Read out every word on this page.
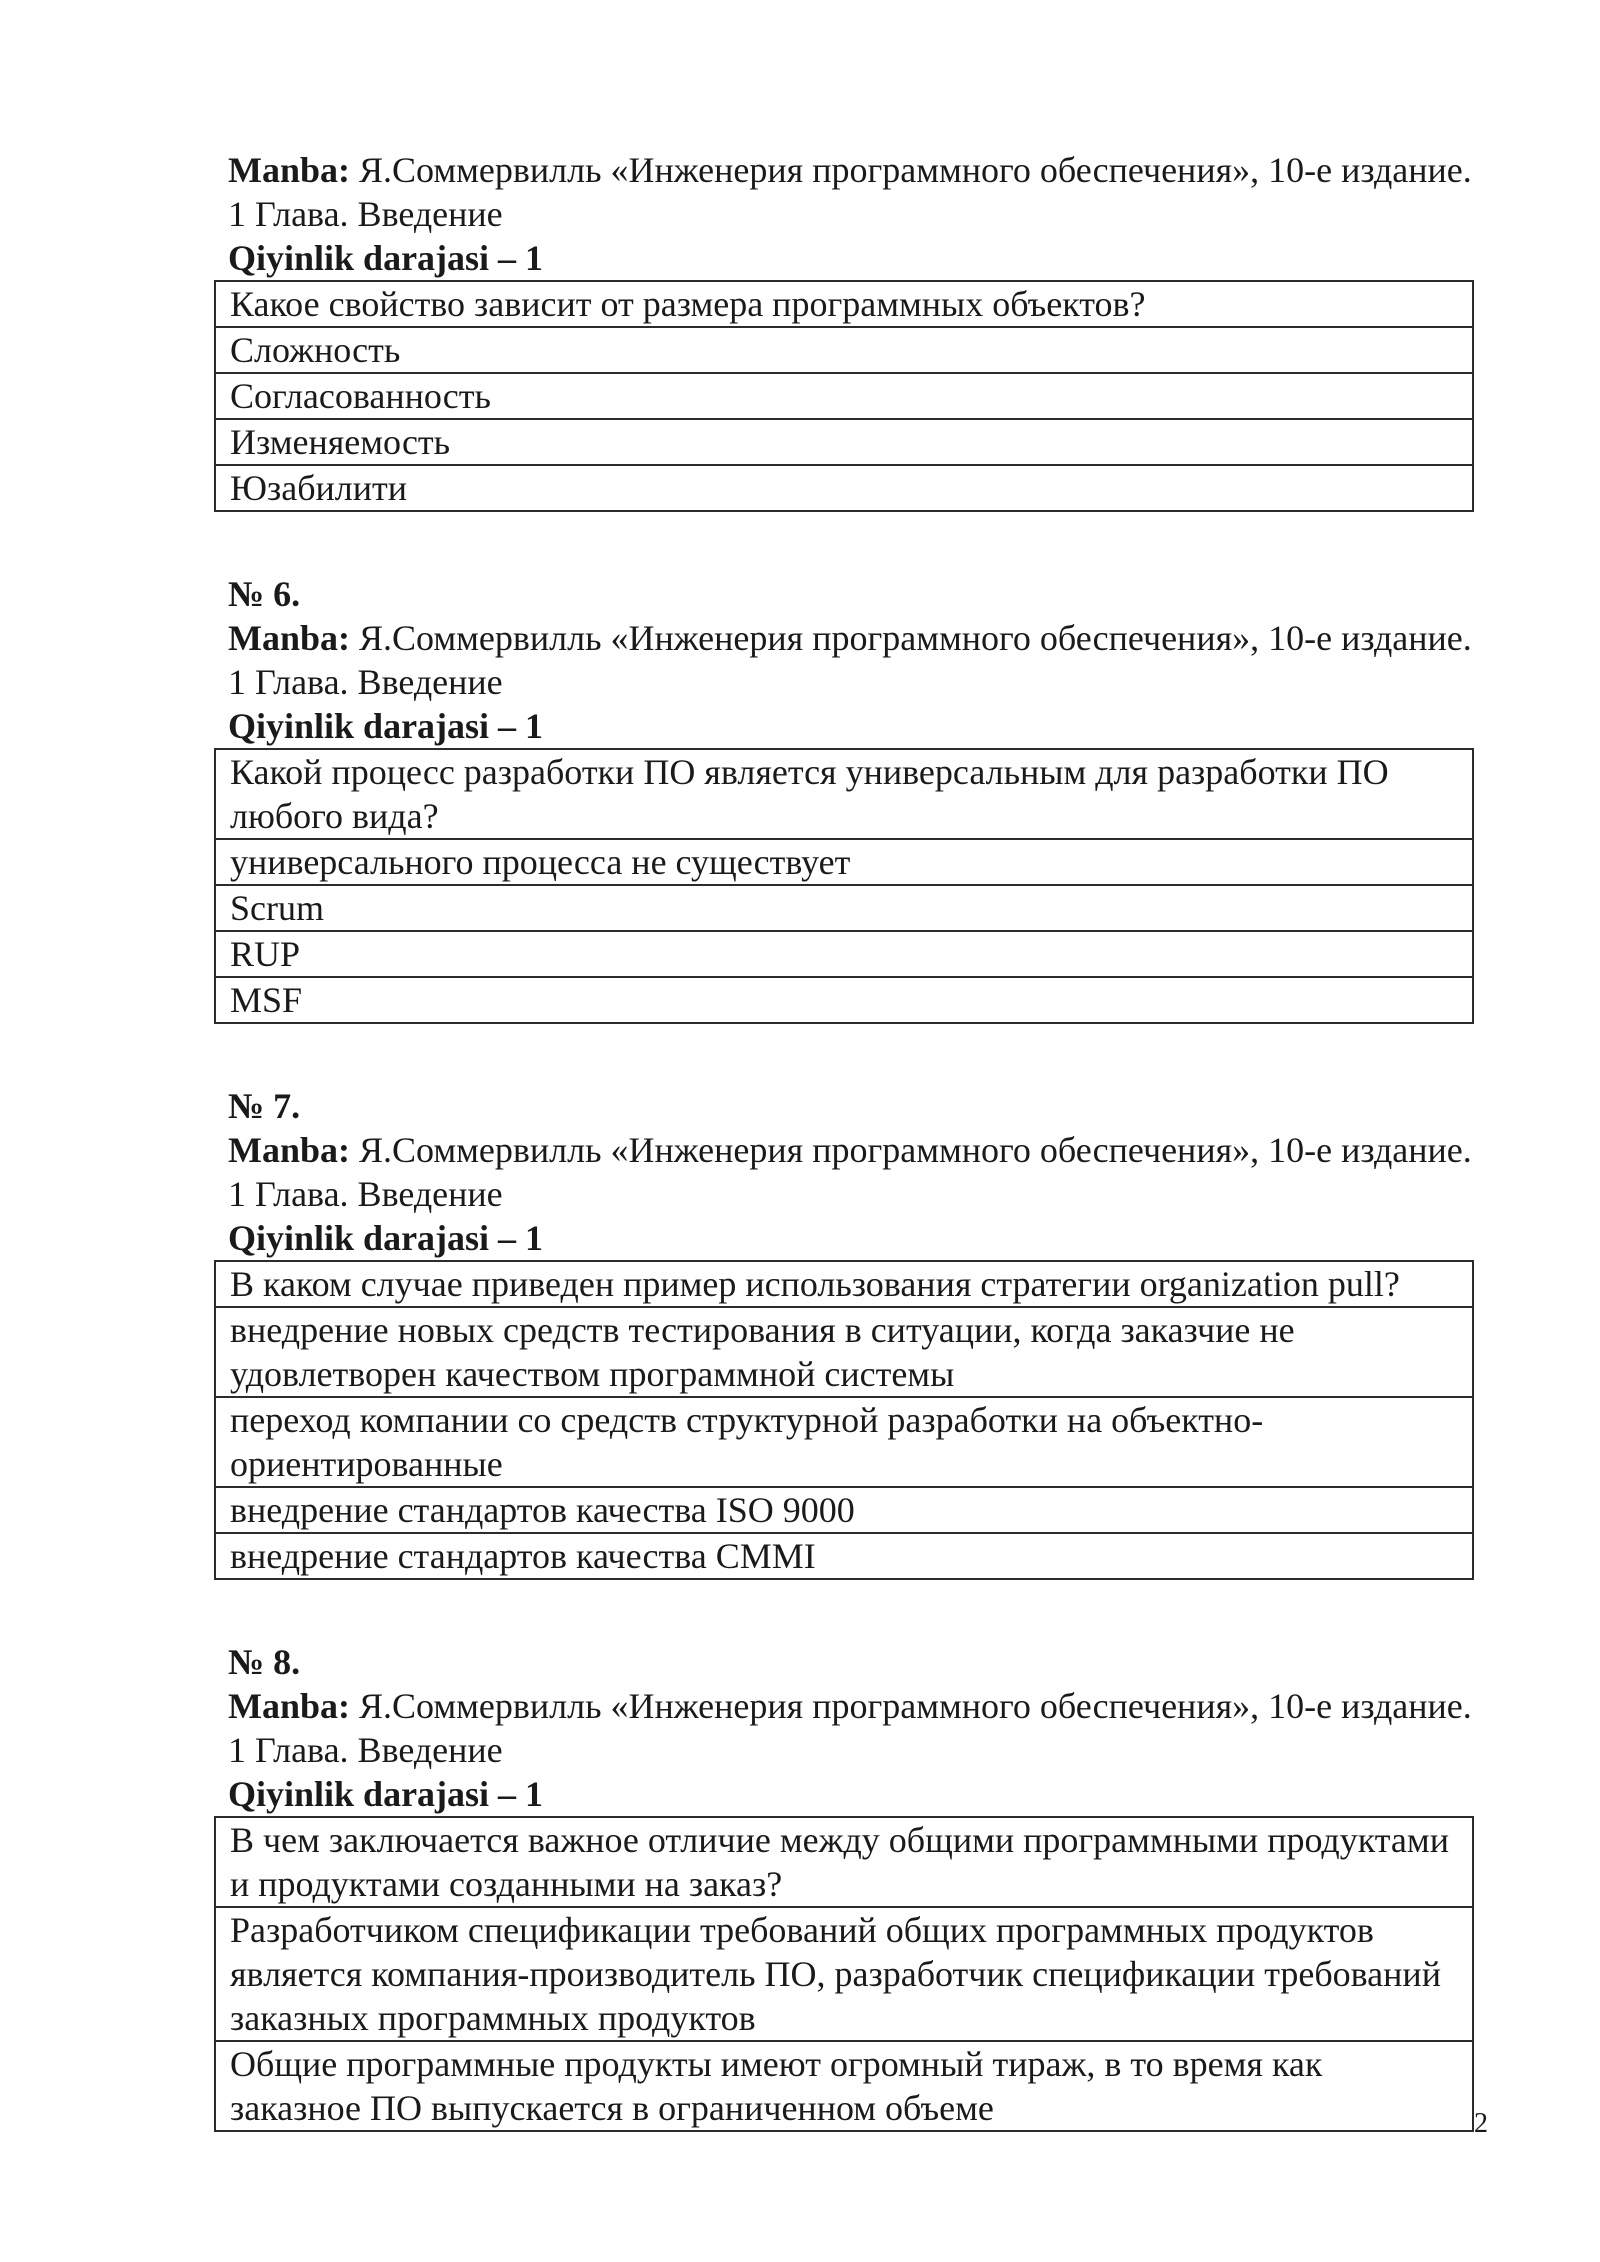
Manba: Я.Соммервилль «Инженерия программного обеспечения», 10-е издание. 1 Глава. Введение
Qiyinlik darajasi – 1
Какое свойство зависит от размера программных объектов?
Сложность
Согласованность
Изменяемость
Юзабилити
№ 6.
Manba: Я.Соммервилль «Инженерия программного обеспечения», 10-е издание. 1 Глава. Введение
Qiyinlik darajasi – 1
Какой процесс разработки ПО является универсальным для разработки ПО любого вида?
универсального процесса не существует
Scrum
RUP
MSF
№ 7.
Manba: Я.Соммервилль «Инженерия программного обеспечения», 10-е издание. 1 Глава. Введение
Qiyinlik darajasi – 1
В каком случае приведен пример использования стратегии organization pull?
внедрение новых средств тестирования в ситуации, когда заказчие не удовлетворен качеством программной системы
переход компании со средств структурной разработки на объектно-ориентированные
внедрение стандартов качества ISO 9000
внедрение стандартов качества CMMI
№ 8.
Manba: Я.Соммервилль «Инженерия программного обеспечения», 10-е издание. 1 Глава. Введение
Qiyinlik darajasi – 1
В чем заключается важное отличие между общими программными продуктами и продуктами созданными на заказ?
Разработчиком спецификации требований общих программных продуктов является компания-производитель ПО, разработчик спецификации требований заказных программных продуктов
Общие программные продукты имеют огромный тираж, в то время как заказное ПО выпускается в ограниченном объеме	2
